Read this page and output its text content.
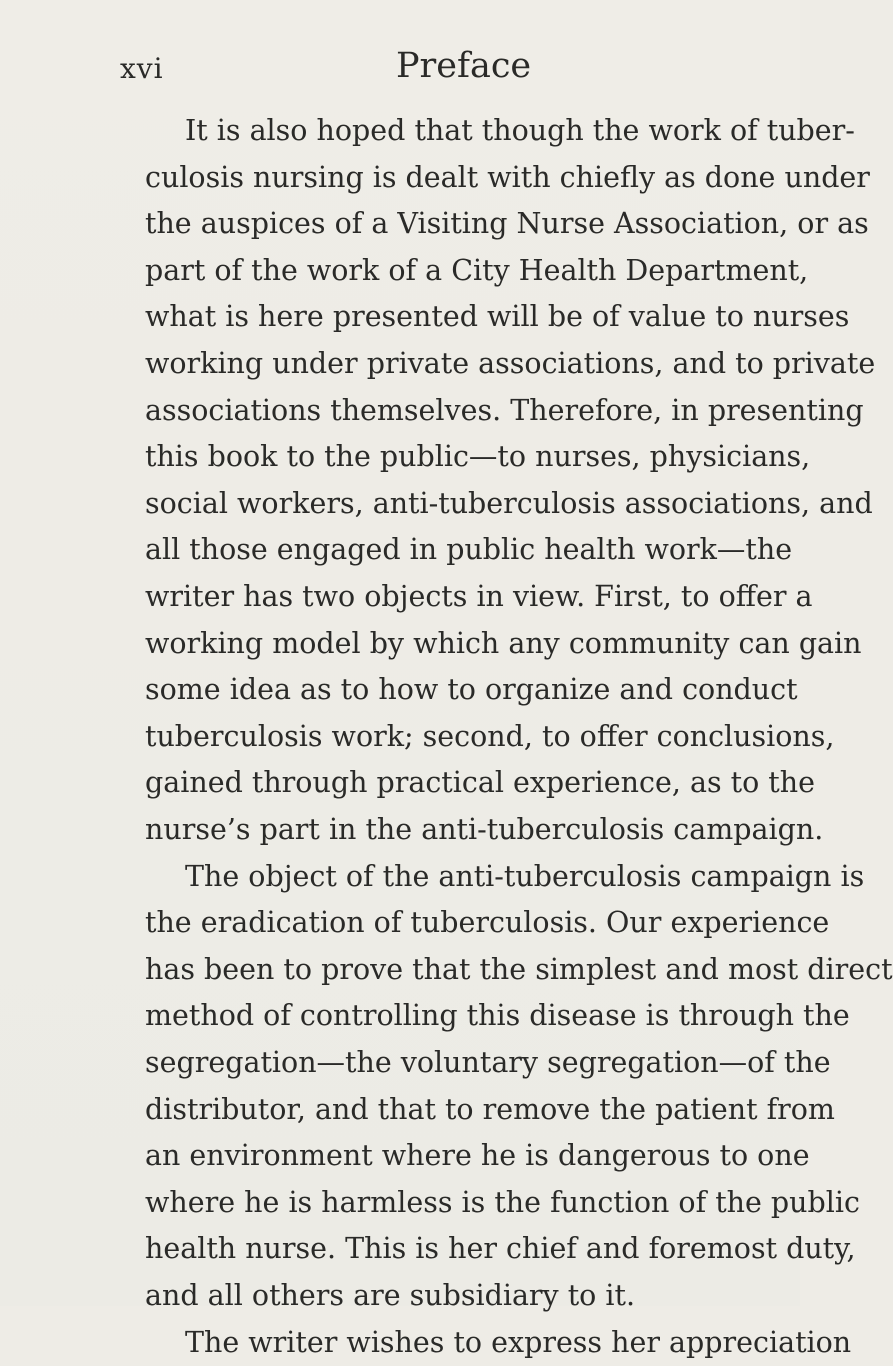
xvi	Preface
It is also hoped that though the work of tuber-
culosis nursing is dealt with chiefly as done under
the auspices of a Visiting Nurse Association, or as
part of the work of a City Health Department,
what is here presented will be of value to nurses
working under private associations, and to private
associations themselves. Therefore, in presenting
this book to the public—to nurses, physicians,
social workers, anti-tuberculosis associations, and
all those engaged in public health work—the
writer has two objects in view. First, to offer a
working model by which any community can gain
some idea as to how to organize and conduct
tuberculosis work; second, to offer conclusions,
gained through practical experience, as to the
nurse’s part in the anti-tuberculosis campaign.
The object of the anti-tuberculosis campaign is
the eradication of tuberculosis. Our experience
has been to prove that the simplest and most direct
method of controlling this disease is through the
segregation—the voluntary segregation—of the
distributor, and that to remove the patient from
an environment where he is dangerous to one
where he is harmless is the function of the public
health nurse. This is her chief and foremost duty,
and all others are subsidiary to it.
The writer wishes to express her appreciation
